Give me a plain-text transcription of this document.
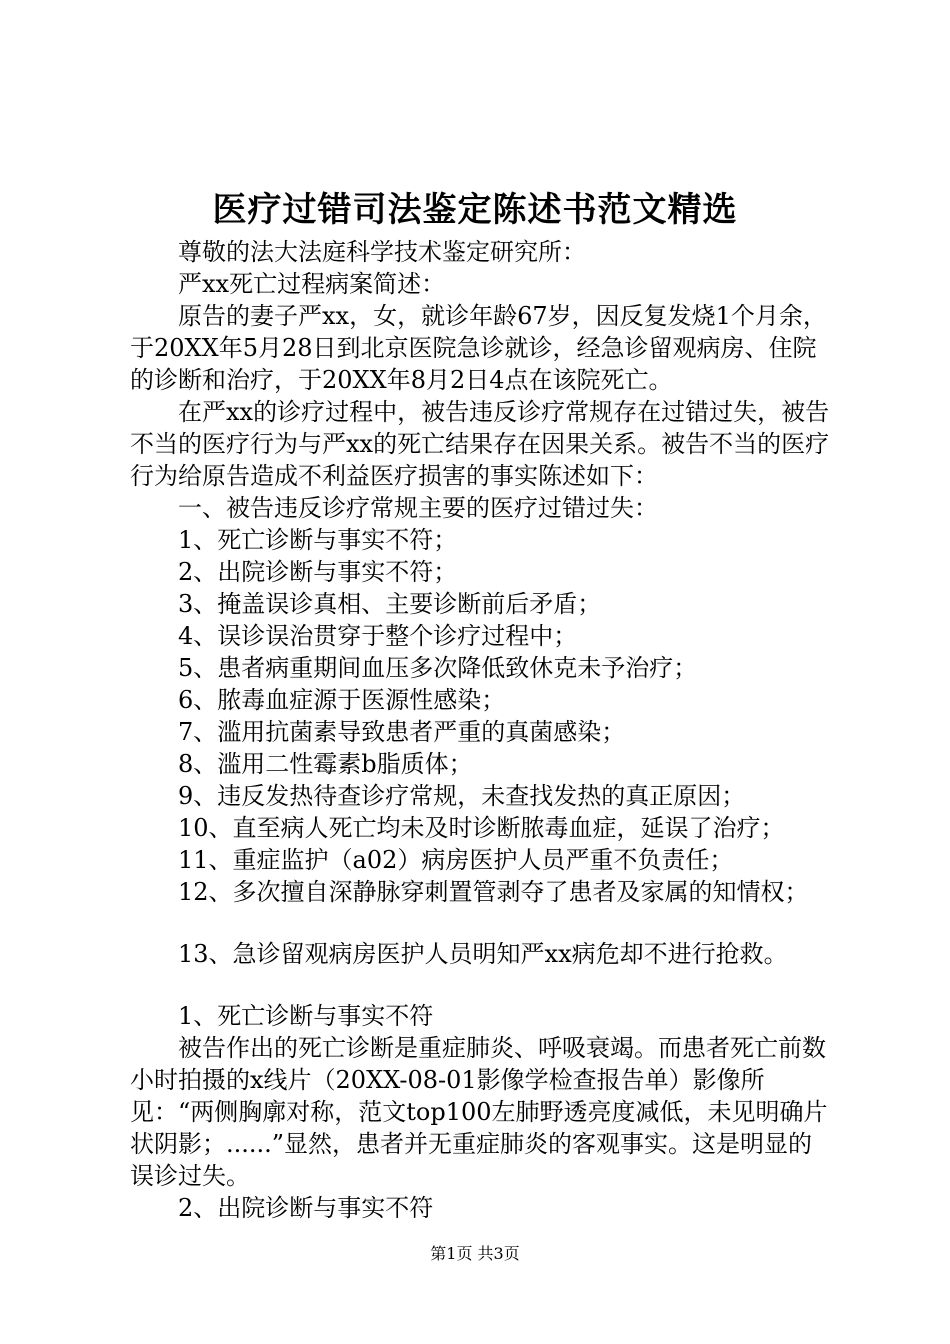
医疗过错司法鉴定陈述书范文精选

尊敬的法大法庭科学技术鉴定研究所：

严xx死亡过程病案简述：

原告的妻子严xx，女，就诊年龄67岁，因反复发烧1个月余，于20XX年5月28日到北京医院急诊就诊，经急诊留观病房、住院的诊断和治疗，于20XX年8月2日4点在该院死亡。

在严xx的诊疗过程中，被告违反诊疗常规存在过错过失，被告不当的医疗行为与严xx的死亡结果存在因果关系。被告不当的医疗行为给原告造成不利益医疗损害的事实陈述如下：

一、被告违反诊疗常规主要的医疗过错过失：

1、死亡诊断与事实不符；

2、出院诊断与事实不符；

3、掩盖误诊真相、主要诊断前后矛盾；

4、误诊误治贯穿于整个诊疗过程中；

5、患者病重期间血压多次降低致休克未予治疗；

6、脓毒血症源于医源性感染；

7、滥用抗菌素导致患者严重的真菌感染；

8、滥用二性霉素b脂质体；

9、违反发热待查诊疗常规，未查找发热的真正原因；

10、直至病人死亡均未及时诊断脓毒血症，延误了治疗；

11、重症监护（a02）病房医护人员严重不负责任；

12、多次擅自深静脉穿刺置管剥夺了患者及家属的知情权；

13、急诊留观病房医护人员明知严xx病危却不进行抢救。

1、死亡诊断与事实不符

被告作出的死亡诊断是重症肺炎、呼吸衰竭。而患者死亡前数小时拍摄的x线片（20XX-08-01影像学检查报告单）影像所见：“两侧胸廓对称，范文top100左肺野透亮度减低，未见明确片状阴影；......”显然，患者并无重症肺炎的客观事实。这是明显的误诊过失。

2、出院诊断与事实不符

第1页 共3页
